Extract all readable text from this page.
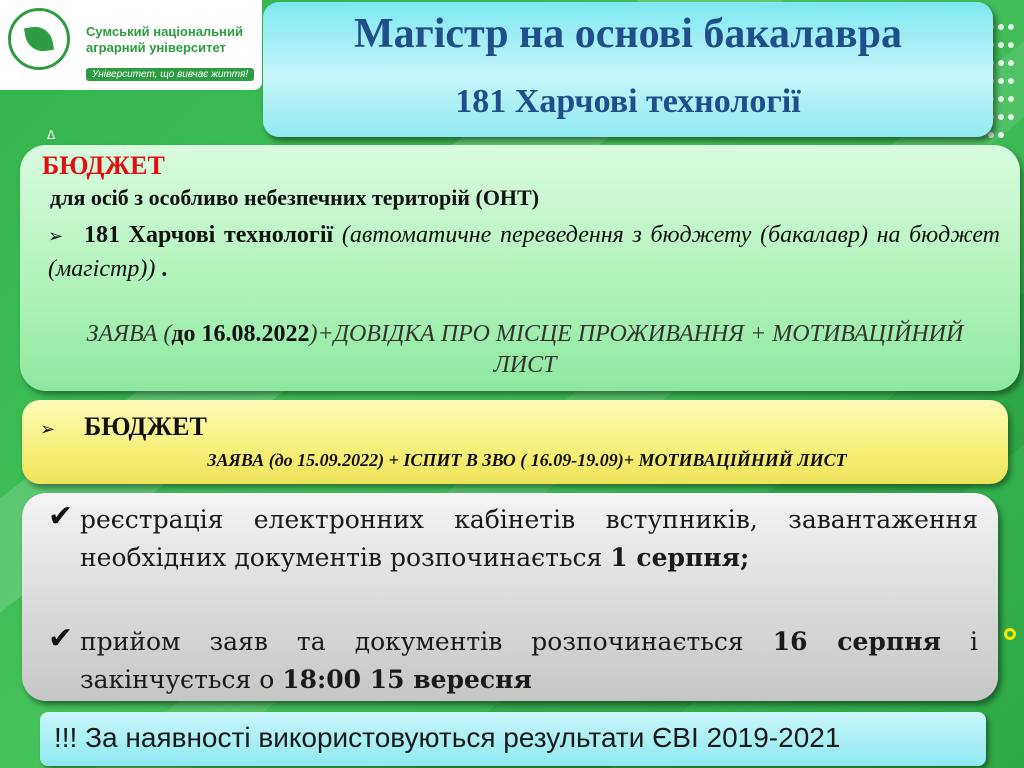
Сумський національний
аграрний університет
Університет, що вивчає життя!
Магістр на основі бакалавра
181 Харчові технології
Δ
БЮДЖЕТ
для осіб з особливо небезпечних територій (ОНТ)
➢ 181 Харчові технології (автоматичне переведення з бюджету (бакалавр) на бюджет (магістр)) .
ЗАЯВА (до 16.08.2022)+ДОВІДКА ПРО МІСЦЕ ПРОЖИВАННЯ + МОТИВАЦІЙНИЙ ЛИСТ
➢ БЮДЖЕТ
ЗАЯВА (до 15.09.2022) + ІСПИТ В ЗВО ( 16.09-19.09)+ МОТИВАЦІЙНИЙ ЛИСТ
✔ реєстрація електронних кабінетів вступників, завантаження необхідних документів розпочинається 1 серпня;
✔ прийом заяв та документів розпочинається 16 серпня і закінчується о 18:00 15 вересня
!!! За наявності використовуються результати ЄВІ 2019-2021
